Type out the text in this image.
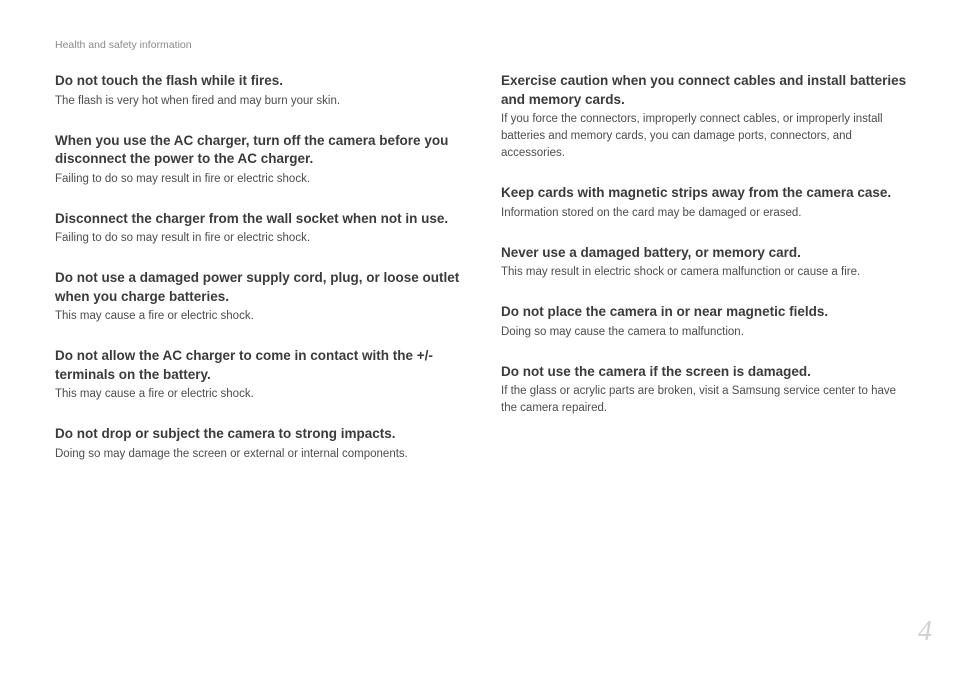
Health and safety information

Do not touch the flash while it fires.

The flash is very hot when fired and may burn your skin.

When you use the AC charger, turn off the camera before you disconnect the power to the AC charger.

Failing to do so may result in fire or electric shock.

Disconnect the charger from the wall socket when not in use.

Failing to do so may result in fire or electric shock.

Do not use a damaged power supply cord, plug, or loose outlet when you charge batteries.

This may cause a fire or electric shock.

Do not allow the AC charger to come in contact with the +/- terminals on the battery.

This may cause a fire or electric shock.

Do not drop or subject the camera to strong impacts.

Doing so may damage the screen or external or internal components.

Exercise caution when you connect cables and install batteries and memory cards.

If you force the connectors, improperly connect cables, or improperly install batteries and memory cards, you can damage ports, connectors, and accessories.

Keep cards with magnetic strips away from the camera case.

Information stored on the card may be damaged or erased.

Never use a damaged battery, or memory card.

This may result in electric shock or camera malfunction or cause a fire.

Do not place the camera in or near magnetic fields.

Doing so may cause the camera to malfunction.

Do not use the camera if the screen is damaged.

If the glass or acrylic parts are broken, visit a Samsung service center to have the camera repaired.

4
